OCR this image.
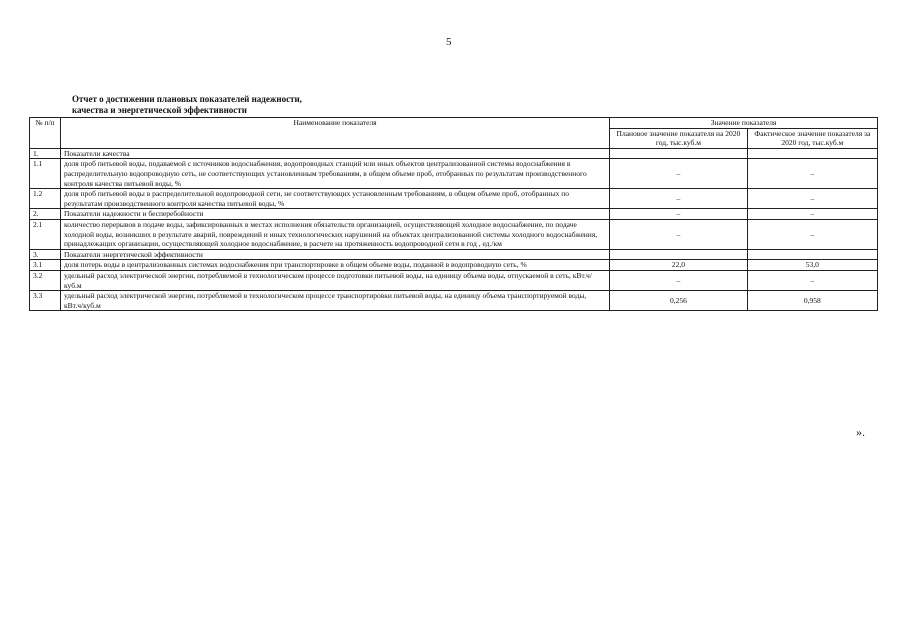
5
Отчет о достижении плановых показателей надежности,
качества и энергетической эффективности
№ п/п	Наименование показателя	Значение показателя	
		Плановое значение показателя на 2020 год, тыс.куб.м	Фактическое значение показателя за 2020 год, тыс.куб.м
1.	Показатели качества		
1.1	доля проб питьевой воды, подаваемой с источников водоснабжения, водопроводных станций или иных объектов централизованной системы водоснабжения в распределительную водопроводную сеть, не соответствующих установленным требованиям, в общем объеме проб, отобранных по результатам производственного контроля качества питьевой воды, %	–	–
1.2	доля проб питьевой воды в распределительной водопроводной сети, не соответствующих установленным требованиям, в общем объеме проб, отобранных по результатам производственного контроля качества питьевой воды, %	–	–
2.	Показатели надежности и бесперебойности	–	–
2.1	количество перерывов в подаче воды, зафиксированных в местах исполнения обязательств организацией, осуществляющей холодное водоснабжение, по подаче холодной воды, возникших в результате аварий, повреждений и иных технологических нарушений на объектах централизованной системы холодного водоснабжения, принадлежащих организации, осуществляющей холодное водоснабжение, в расчете на протяженность водопроводной сети в год , ед./км	–	–
3.	Показатели энергетической эффективности		
3.1	доля потерь воды в централизованных системах водоснабжения при транспортировке в общем объеме воды, поданной в водопроводную сеть, %	22,0	53,0
3.2	удельный расход электрической энергии, потребляемой в технологическом процессе подготовки питьевой воды, на единицу объема воды, отпускаемой в сеть, кВт.ч/куб.м	–	–
3.3	удельный расход электрической энергии, потребляемой в технологическом процессе транспортировки питьевой воды, на единицу объема транспортируемой воды, кВт.ч/куб.м	0,256	0,958
».
